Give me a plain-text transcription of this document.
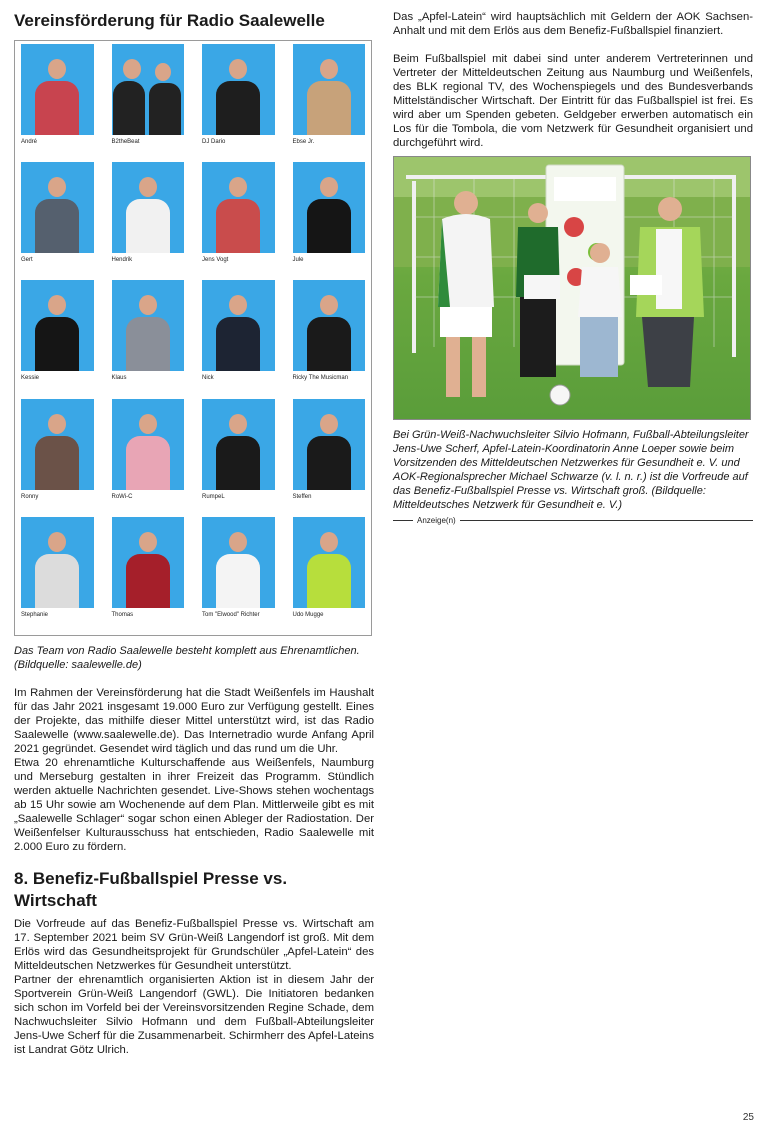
Vereinsförderung für Radio Saalewelle
André	B2theBeat	DJ Dario	Ebse Jr.
Gert	Hendrik	Jens Vogt	Jule
Kessie	Klaus	Nick	Ricky The Musicman
Ronny	RoWi-C	RumpeL	Steffen
Stephanie	Thomas	Tom "Elwood" Richter	Udo Mugge

Das Team von Radio Saalewelle besteht komplett aus Ehrenamtlichen. (Bildquelle: saalewelle.de)

Im Rahmen der Vereinsförderung hat die Stadt Weißenfels im Haushalt für das Jahr 2021 insgesamt 19.000 Euro zur Verfügung gestellt. Eines der Projekte, das mithilfe dieser Mittel unterstützt wird, ist das Radio Saalewelle (www.saalewelle.de). Das Internetradio wurde Anfang April 2021 gegründet. Gesendet wird täglich und das rund um die Uhr.

Etwa 20 ehrenamtliche Kulturschaffende aus Weißenfels, Naumburg und Merseburg gestalten in ihrer Freizeit das Programm. Stündlich werden aktuelle Nachrichten gesendet. Live-Shows stehen wochentags ab 15 Uhr sowie am Wochenende auf dem Plan. Mittlerweile gibt es mit „Saalewelle Schlager“ sogar schon einen Ableger der Radiostation. Der Weißenfelser Kulturausschuss hat entschieden, Radio Saalewelle mit 2.000 Euro zu fördern.

8. Benefiz-Fußballspiel Presse vs. Wirtschaft

Die Vorfreude auf das Benefiz-Fußballspiel Presse vs. Wirtschaft am 17. September 2021 beim SV Grün-Weiß Langendorf ist groß. Mit dem Erlös wird das Gesundheitsprojekt für Grundschüler „Apfel-Latein“ des Mitteldeutschen Netzwerkes für Gesundheit unterstützt.

Partner der ehrenamtlich organisierten Aktion ist in diesem Jahr der Sportverein Grün-Weiß Langendorf (GWL). Die Initiatoren bedanken sich schon im Vorfeld bei der Vereinsvorsitzenden Regine Schade, dem Nachwuchsleiter Silvio Hofmann und dem Fußball-Abteilungsleiter Jens-Uwe Scherf für die Zusammenarbeit. Schirmherr des Apfel-Lateins ist Landrat Götz Ulrich.

Das „Apfel-Latein“ wird hauptsächlich mit Geldern der AOK Sachsen-Anhalt und mit dem Erlös aus dem Benefiz-Fußballspiel finanziert.

Beim Fußballspiel mit dabei sind unter anderem Vertreterinnen und Vertreter der Mitteldeutschen Zeitung aus Naumburg und Weißenfels, des BLK regional TV, des Wochenspiegels und des Bundesverbands Mittelständischer Wirtschaft. Der Eintritt für das Fußballspiel ist frei. Es wird aber um Spenden gebeten. Geldgeber erwerben automatisch ein Los für die Tombola, die vom Netzwerk für Gesundheit organisiert und durchgeführt wird.

Bei Grün-Weiß-Nachwuchsleiter Silvio Hofmann, Fußball-Abteilungsleiter Jens-Uwe Scherf, Apfel-Latein-Koordinatorin Anne Loeper sowie beim Vorsitzenden des Mitteldeutschen Netzwerkes für Gesundheit e. V. und AOK-Regionalsprecher Michael Schwarze (v. l. n. r.) ist die Vorfreude auf das Benefiz-Fußballspiel Presse vs. Wirtschaft groß. (Bildquelle: Mitteldeutsches Netzwerk für Gesundheit e. V.)

Anzeige(n)
25
